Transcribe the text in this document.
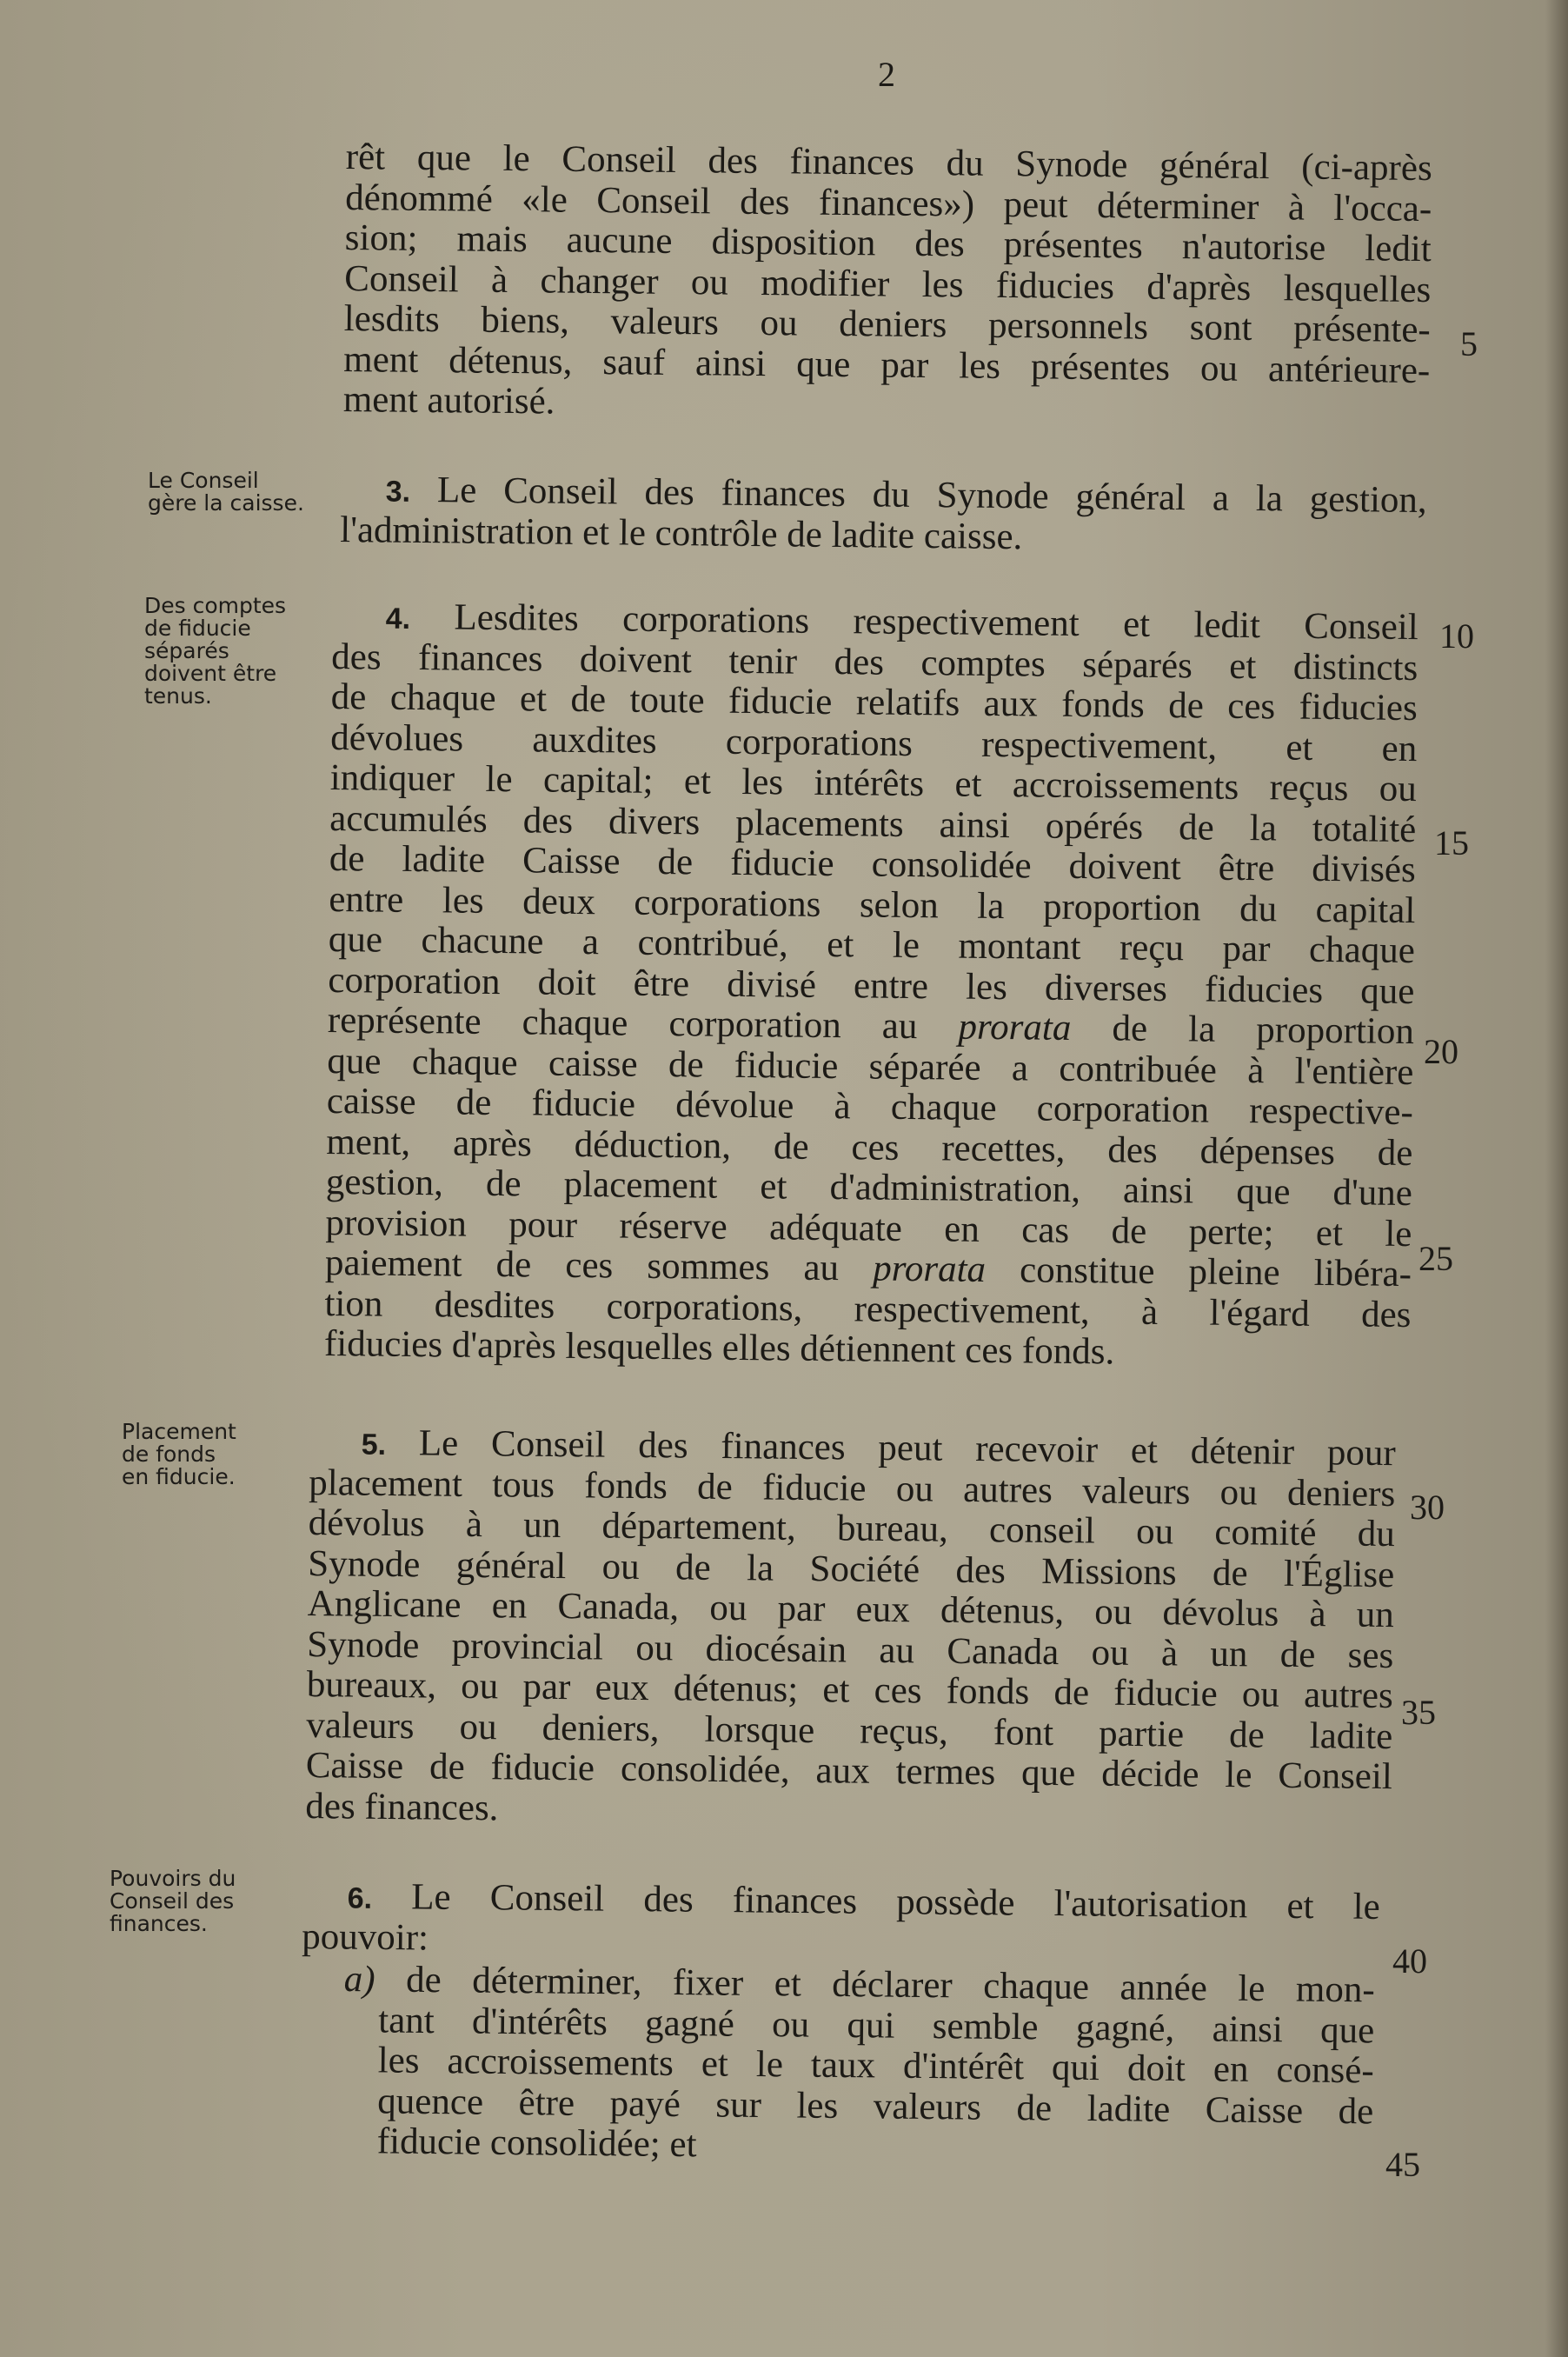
2
rêt que le Conseil des finances du Synode général (ci-après
dénommé «le Conseil des finances») peut déterminer à l'occa-
sion; mais aucune disposition des présentes n'autorise ledit
Conseil à changer ou modifier les fiducies d'après lesquelles
lesdits biens, valeurs ou deniers personnels sont présente-
ment détenus, sauf ainsi que par les présentes ou antérieure-
ment autorisé.
Le Conseil
gère la caisse.	3. Le Conseil des finances du Synode général a la gestion,
l'administration et le contrôle de ladite caisse.
Des comptes
de fiducie
séparés
doivent être
tenus.
4. Lesdites corporations respectivement et ledit Conseil
des finances doivent tenir des comptes séparés et distincts
de chaque et de toute fiducie relatifs aux fonds de ces fiducies
dévolues auxdites corporations respectivement, et en
indiquer le capital; et les intérêts et accroissements reçus ou
accumulés des divers placements ainsi opérés de la totalité
de ladite Caisse de fiducie consolidée doivent être divisés
entre les deux corporations selon la proportion du capital
que chacune a contribué, et le montant reçu par chaque
corporation doit être divisé entre les diverses fiducies que
représente chaque corporation au prorata de la proportion
que chaque caisse de fiducie séparée a contribuée à l'entière
caisse de fiducie dévolue à chaque corporation respective-
ment, après déduction, de ces recettes, des dépenses de
gestion, de placement et d'administration, ainsi que d'une
provision pour réserve adéquate en cas de perte; et le
paiement de ces sommes au prorata constitue pleine libéra-
tion desdites corporations, respectivement, à l'égard des
fiducies d'après lesquelles elles détiennent ces fonds.
Placement
de fonds
en fiducie.
5. Le Conseil des finances peut recevoir et détenir pour
placement tous fonds de fiducie ou autres valeurs ou deniers
dévolus à un département, bureau, conseil ou comité du
Synode général ou de la Société des Missions de l'Église
Anglicane en Canada, ou par eux détenus, ou dévolus à un
Synode provincial ou diocésain au Canada ou à un de ses
bureaux, ou par eux détenus; et ces fonds de fiducie ou autres
valeurs ou deniers, lorsque reçus, font partie de ladite
Caisse de fiducie consolidée, aux termes que décide le Conseil
des finances.
Pouvoirs du
Conseil des
finances.
6. Le Conseil des finances possède l'autorisation et le
pouvoir:
a) de déterminer, fixer et déclarer chaque année le mon-
tant d'intérêts gagné ou qui semble gagné, ainsi que
les accroissements et le taux d'intérêt qui doit en consé-
quence être payé sur les valeurs de ladite Caisse de
fiducie consolidée; et
5
10
15
20
25
30
35
40
45
